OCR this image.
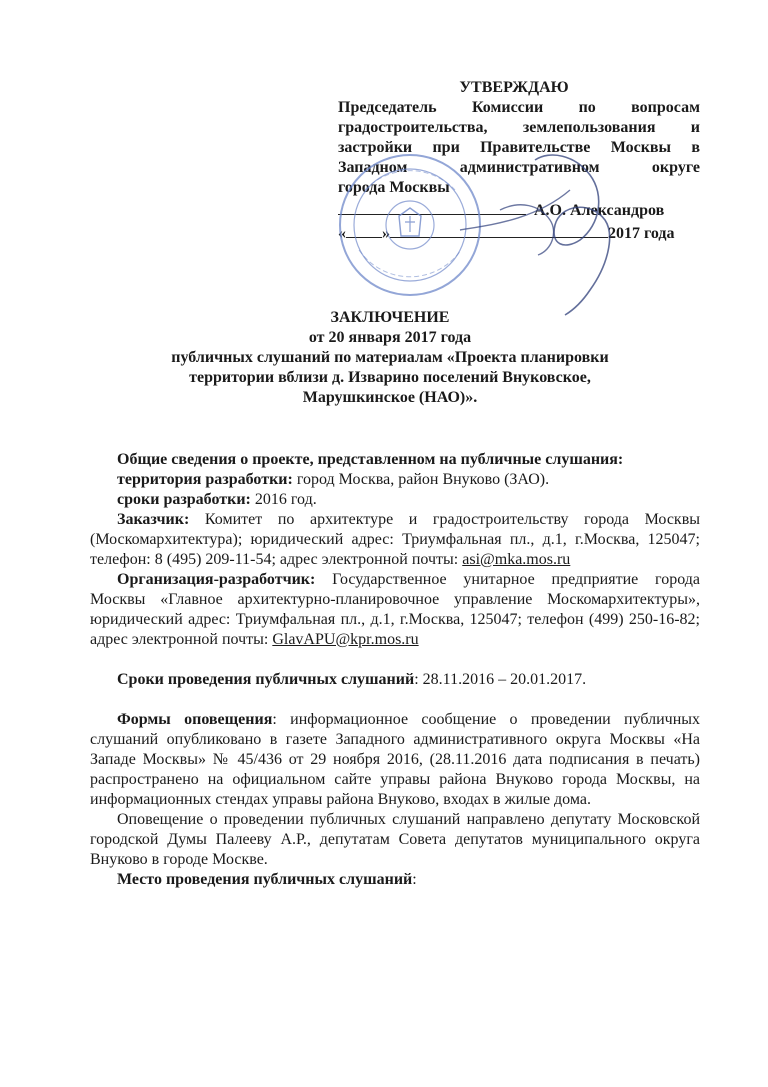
УТВЕРЖДАЮ
Председатель Комиссии по вопросам
градостроительства, землепользования и
застройки при Правительстве Москвы в
Западном административном округе
города Москвы
А.О. Александров
« »	2017 года
ЗАКЛЮЧЕНИЕ
от 20 января 2017 года
публичных слушаний по материалам «Проекта планировки
территории вблизи д. Изварино поселений Внуковское,
Марушкинское (НАО)».

Общие сведения о проекте, представленном на публичные слушания:

территория разработки: город Москва, район Внуково (ЗАО).

сроки разработки: 2016 год.

Заказчик: Комитет по архитектуре и градостроительству города Москвы (Москомархитектура); юридический адрес: Триумфальная пл., д.1, г.Москва, 125047; телефон: 8 (495) 209-11-54; адрес электронной почты: asi@mka.mos.ru

Организация-разработчик: Государственное унитарное предприятие города Москвы «Главное архитектурно-планировочное управление Москомархитектуры», юридический адрес: Триумфальная пл., д.1, г.Москва, 125047; телефон (499) 250-16-82; адрес электронной почты: GlavAPU@kpr.mos.ru

Сроки проведения публичных слушаний: 28.11.2016 – 20.01.2017.

Формы оповещения: информационное сообщение о проведении публичных слушаний опубликовано в газете Западного административного округа Москвы «На Западе Москвы» № 45/436 от 29 ноября 2016, (28.11.2016 дата подписания в печать) распространено на официальном сайте управы района Внуково города Москвы, на информационных стендах управы района Внуково, входах в жилые дома.

Оповещение о проведении публичных слушаний направлено депутату Московской городской Думы Палееву А.Р., депутатам Совета депутатов муниципального округа Внуково в городе Москве.

Место проведения публичных слушаний:
